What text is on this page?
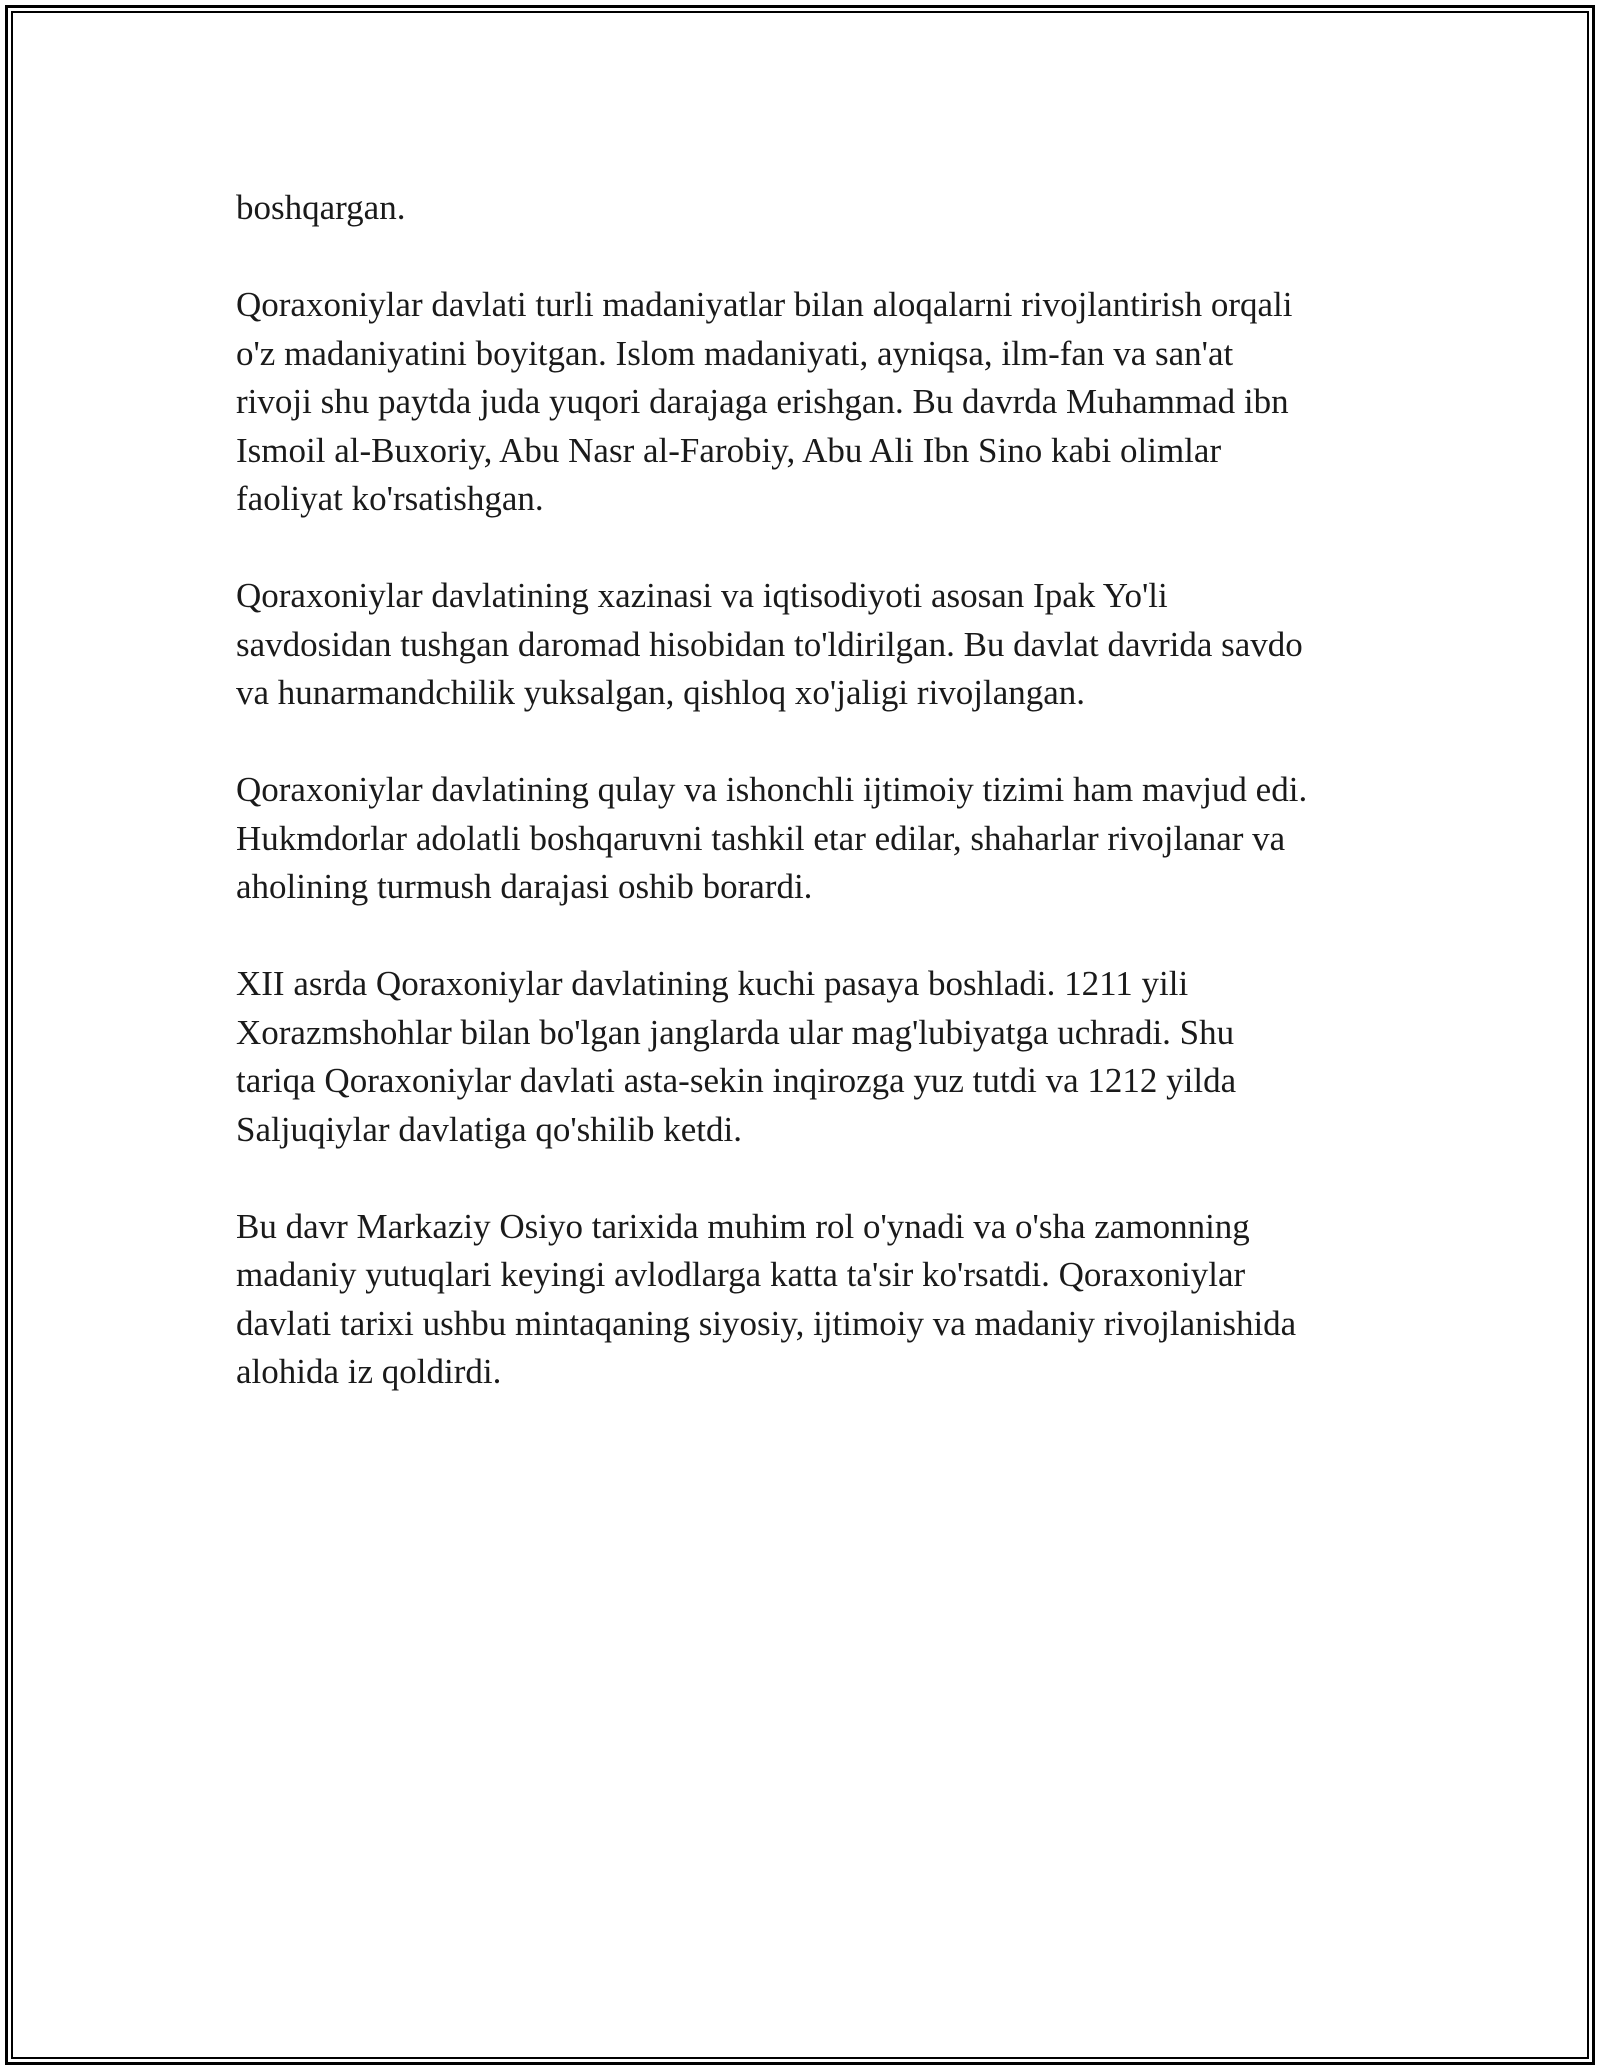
boshqargan.

Qoraxoniylar davlati turli madaniyatlar bilan aloqalarni rivojlantirish orqali
o'z madaniyatini boyitgan. Islom madaniyati, ayniqsa, ilm-fan va san'at
rivoji shu paytda juda yuqori darajaga erishgan. Bu davrda Muhammad ibn
Ismoil al-Buxoriy, Abu Nasr al-Farobiy, Abu Ali Ibn Sino kabi olimlar
faoliyat ko'rsatishgan.

Qoraxoniylar davlatining xazinasi va iqtisodiyoti asosan Ipak Yo'li
savdosidan tushgan daromad hisobidan to'ldirilgan. Bu davlat davrida savdo
va hunarmandchilik yuksalgan, qishloq xo'jaligi rivojlangan.

Qoraxoniylar davlatining qulay va ishonchli ijtimoiy tizimi ham mavjud edi.
Hukmdorlar adolatli boshqaruvni tashkil etar edilar, shaharlar rivojlanar va
aholining turmush darajasi oshib borardi.

XII asrda Qoraxoniylar davlatining kuchi pasaya boshladi. 1211 yili
Xorazmshohlar bilan bo'lgan janglarda ular mag'lubiyatga uchradi. Shu
tariqa Qoraxoniylar davlati asta-sekin inqirozga yuz tutdi va 1212 yilda
Saljuqiylar davlatiga qo'shilib ketdi.

Bu davr Markaziy Osiyo tarixida muhim rol o'ynadi va o'sha zamonning
madaniy yutuqlari keyingi avlodlarga katta ta'sir ko'rsatdi. Qoraxoniylar
davlati tarixi ushbu mintaqaning siyosiy, ijtimoiy va madaniy rivojlanishida
alohida iz qoldirdi.
